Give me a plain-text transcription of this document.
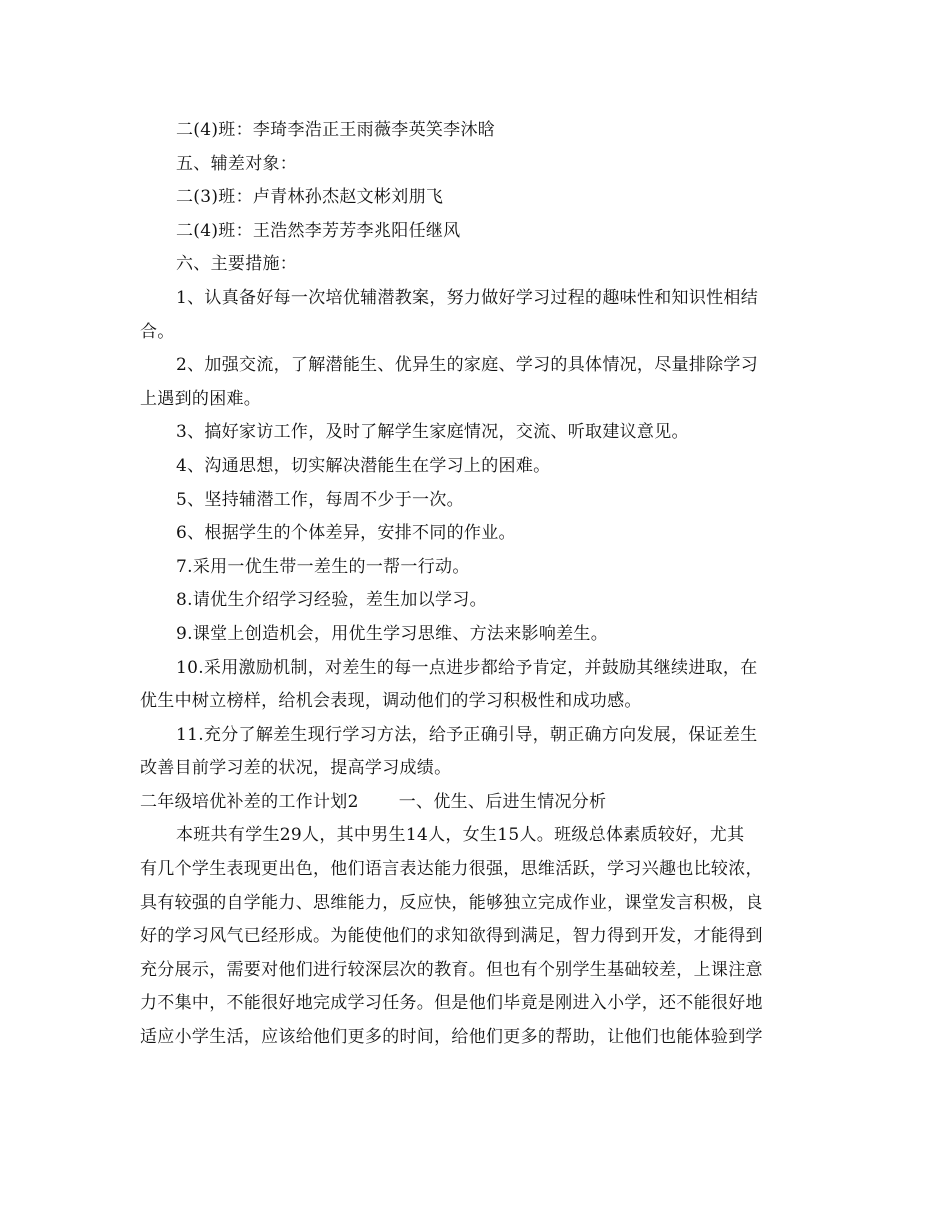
二(4)班：李琦李浩正王雨薇李英笑李沐晗
五、辅差对象：
二(3)班：卢青林孙杰赵文彬刘朋飞
二(4)班：王浩然李芳芳李兆阳任继风
六、主要措施：
1、认真备好每一次培优辅潜教案，努力做好学习过程的趣味性和知识性相结
合。
2、加强交流，了解潜能生、优异生的家庭、学习的具体情况，尽量排除学习
上遇到的困难。
3、搞好家访工作，及时了解学生家庭情况，交流、听取建议意见。
4、沟通思想，切实解决潜能生在学习上的困难。
5、坚持辅潜工作，每周不少于一次。
6、根据学生的个体差异，安排不同的作业。
7.采用一优生带一差生的一帮一行动。
8.请优生介绍学习经验，差生加以学习。
9.课堂上创造机会，用优生学习思维、方法来影响差生。
10.采用激励机制，对差生的每一点进步都给予肯定，并鼓励其继续进取，在
优生中树立榜样，给机会表现，调动他们的学习积极性和成功感。
11.充分了解差生现行学习方法，给予正确引导，朝正确方向发展，保证差生
改善目前学习差的状况，提高学习成绩。
二年级培优补差的工作计划2 一、优生、后进生情况分析
本班共有学生29人，其中男生14人，女生15人。班级总体素质较好，尤其
有几个学生表现更出色，他们语言表达能力很强，思维活跃，学习兴趣也比较浓，
具有较强的自学能力、思维能力，反应快，能够独立完成作业，课堂发言积极，良
好的学习风气已经形成。为能使他们的求知欲得到满足，智力得到开发，才能得到
充分展示，需要对他们进行较深层次的教育。但也有个别学生基础较差，上课注意
力不集中，不能很好地完成学习任务。但是他们毕竟是刚进入小学，还不能很好地
适应小学生活，应该给他们更多的时间，给他们更多的帮助，让他们也能体验到学
